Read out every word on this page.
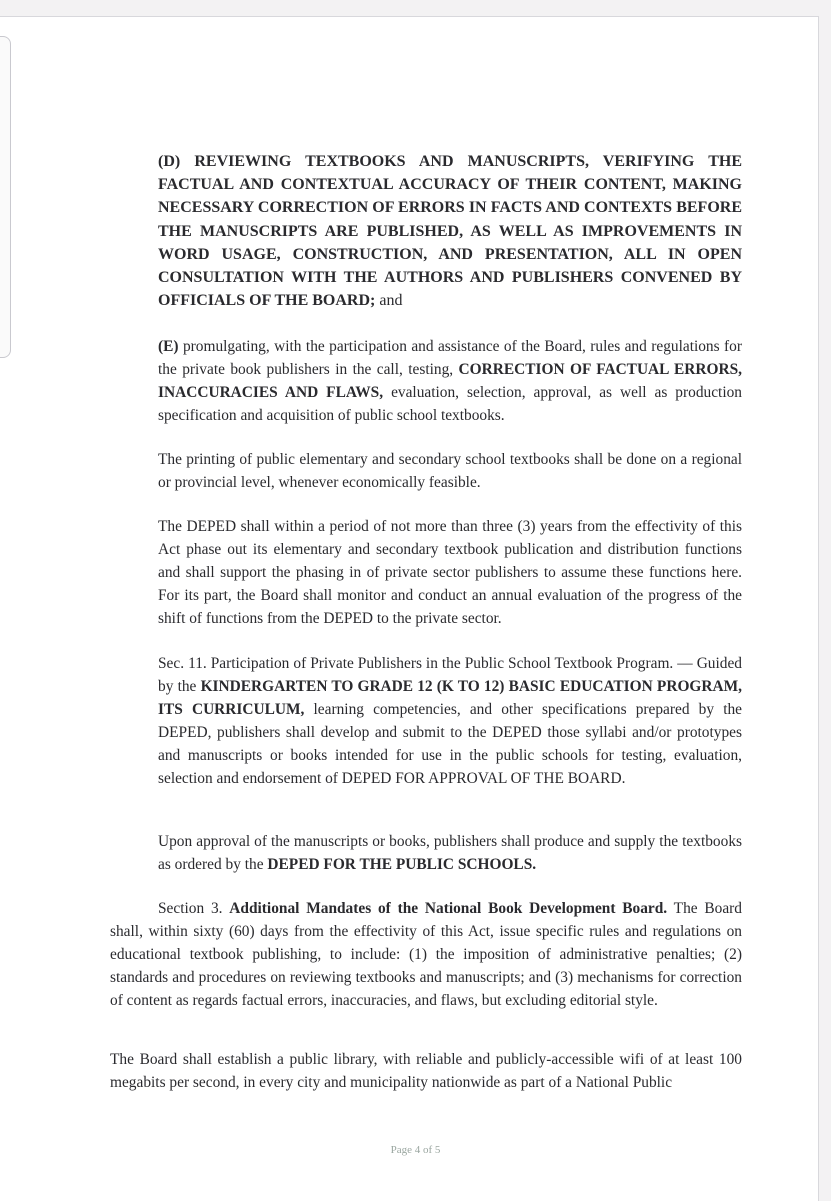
(D) REVIEWING TEXTBOOKS AND MANUSCRIPTS, VERIFYING THE FACTUAL AND CONTEXTUAL ACCURACY OF THEIR CONTENT, MAKING NECESSARY CORRECTION OF ERRORS IN FACTS AND CONTEXTS BEFORE THE MANUSCRIPTS ARE PUBLISHED, AS WELL AS IMPROVEMENTS IN WORD USAGE, CONSTRUCTION, AND PRESENTATION, ALL IN OPEN CONSULTATION WITH THE AUTHORS AND PUBLISHERS CONVENED BY OFFICIALS OF THE BOARD; and

(E) promulgating, with the participation and assistance of the Board, rules and regulations for the private book publishers in the call, testing, CORRECTION OF FACTUAL ERRORS, INACCURACIES AND FLAWS, evaluation, selection, approval, as well as production specification and acquisition of public school textbooks.

The printing of public elementary and secondary school textbooks shall be done on a regional or provincial level, whenever economically feasible.

The DEPED shall within a period of not more than three (3) years from the effectivity of this Act phase out its elementary and secondary textbook publication and distribution functions and shall support the phasing in of private sector publishers to assume these functions here. For its part, the Board shall monitor and conduct an annual evaluation of the progress of the shift of functions from the DEPED to the private sector.

Sec. 11. Participation of Private Publishers in the Public School Textbook Program. — Guided by the KINDERGARTEN TO GRADE 12 (K TO 12) BASIC EDUCATION PROGRAM, ITS CURRICULUM, learning competencies, and other specifications prepared by the DEPED, publishers shall develop and submit to the DEPED those syllabi and/or prototypes and manuscripts or books intended for use in the public schools for testing, evaluation, selection and endorsement of DEPED FOR APPROVAL OF THE BOARD.

Upon approval of the manuscripts or books, publishers shall produce and supply the textbooks as ordered by the DEPED FOR THE PUBLIC SCHOOLS.

Section 3. Additional Mandates of the National Book Development Board. The Board shall, within sixty (60) days from the effectivity of this Act, issue specific rules and regulations on educational textbook publishing, to include: (1) the imposition of administrative penalties; (2) standards and procedures on reviewing textbooks and manuscripts; and (3) mechanisms for correction of content as regards factual errors, inaccuracies, and flaws, but excluding editorial style.

The Board shall establish a public library, with reliable and publicly-accessible wifi of at least 100 megabits per second, in every city and municipality nationwide as part of a National Public

Page 4 of 5
